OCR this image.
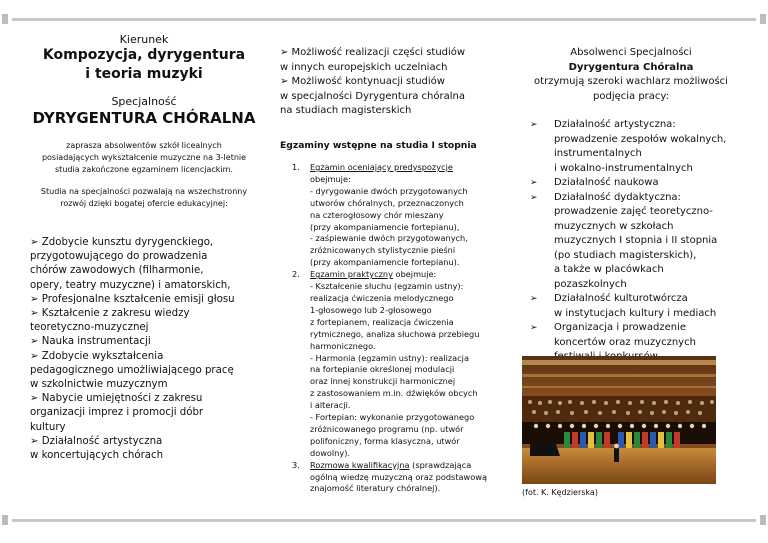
Kierunek
Kompozycja, dyrygentura
i teoria muzyki
Specjalność
DYRYGENTURA CHÓRALNA
zaprasza absolwentów szkół licealnych
posiadających wykształcenie muzyczne na 3-letnie
studia zakończone egzaminem licencjackim.
Studia na specjalności pozwalają na wszechstronny
rozwój dzięki bogatej ofercie edukacyjnej:
➢ Zdobycie kunsztu dyrygenckiego,
przygotowującego do prowadzenia
chórów zawodowych (filharmonie,
opery, teatry muzyczne) i amatorskich,
➢ Profesjonalne kształcenie emisji głosu
➢ Kształcenie z zakresu wiedzy
teoretyczno-muzycznej
➢ Nauka instrumentacji
➢ Zdobycie wykształcenia
pedagogicznego umożliwiającego pracę
w szkolnictwie muzycznym
➢ Nabycie umiejętności z zakresu
organizacji imprez i promocji dóbr
kultury
➢ Działalność artystyczna
w koncertujących chórach
➢ Możliwość realizacji części studiów
w innych europejskich uczelniach
➢ Możliwość kontynuacji studiów
w specjalności Dyrygentura chóralna
na studiach magisterskich
Egzaminy wstępne na studia I stopnia
1. Egzamin oceniający predyspozycje
obejmuje:
- dyrygowanie dwóch przygotowanych
utworów chóralnych, przeznaczonych
na czterogłosowy chór mieszany
(przy akompaniamencie fortepianu),
- zaśpiewanie dwóch przygotowanych,
zróżnicowanych stylistycznie pieśni
(przy akompaniamencie fortepianu).
2. Egzamin praktyczny obejmuje:
- Kształcenie słuchu (egzamin ustny):
realizacja ćwiczenia melodycznego
1-głosowego lub 2-głosowego
z fortepianem, realizacja ćwiczenia
rytmicznego, analiza słuchowa przebiegu
harmonicznego.
- Harmonia (egzamin ustny): realizacja
na fortepianie określonej modulacji
oraz innej konstrukcji harmonicznej
z zastosowaniem m.in. dźwięków obcych
i alteracji.
- Fortepian: wykonanie przygotowanego
zróżnicowanego programu (np. utwór
polifoniczny, forma klasyczna, utwór
dowolny).
3. Rozmowa kwalifikacyjna (sprawdzająca
ogólną wiedzę muzyczną oraz podstawową
znajomość literatury chóralnej).
Absolwenci Specjalności
Dyrygentura Chóralna
otrzymują szeroki wachlarz możliwości
podjęcia pracy:
➢ Działalność artystyczna:
prowadzenie zespołów wokalnych,
instrumentalnych
i wokalno-instrumentalnych
➢ Działalność naukowa
➢ Działalność dydaktyczna:
prowadzenie zajęć teoretyczno-
muzycznych w szkołach
muzycznych I stopnia i II stopnia
(po studiach magisterskich),
a także w placówkach
pozaszkolnych
➢ Działalność kulturotwórcza
w instytucjach kultury i mediach
➢ Organizacja i prowadzenie
koncertów oraz muzycznych
(fot. K. Kędzierska)
